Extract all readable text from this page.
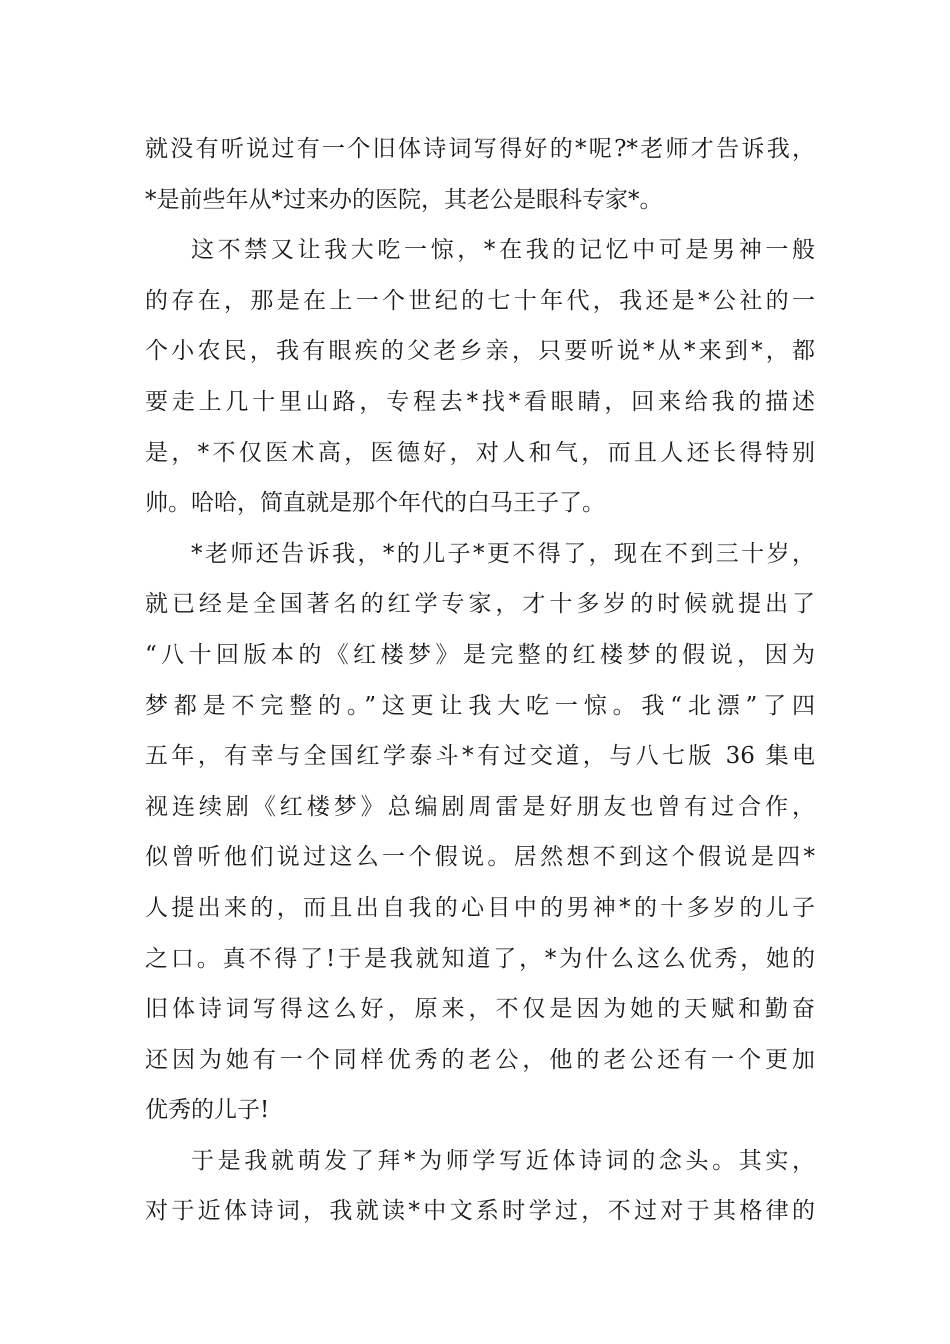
就没有听说过有一个旧体诗词写得好的*呢?*老师才告诉我，
*是前些年从*过来办的医院，其老公是眼科专家*。
这不禁又让我大吃一惊，*在我的记忆中可是男神一般
的存在，那是在上一个世纪的七十年代，我还是*公社的一
个小农民，我有眼疾的父老乡亲，只要听说*从*来到*，都
要走上几十里山路，专程去*找*看眼睛，回来给我的描述
是，*不仅医术高，医德好，对人和气，而且人还长得特别
帅。哈哈，简直就是那个年代的白马王子了。
*老师还告诉我，*的儿子*更不得了，现在不到三十岁，
就已经是全国著名的红学专家，才十多岁的时候就提出了
“八十回版本的《红楼梦》是完整的红楼梦的假说，因为
梦都是不完整的。”这更让我大吃一惊。我“北漂”了四
五年，有幸与全国红学泰斗*有过交道，与八七版 36 集电
视连续剧《红楼梦》总编剧周雷是好朋友也曾有过合作，
似曾听他们说过这么一个假说。居然想不到这个假说是四*
人提出来的，而且出自我的心目中的男神*的十多岁的儿子
之口。真不得了!于是我就知道了，*为什么这么优秀，她的
旧体诗词写得这么好，原来，不仅是因为她的天赋和勤奋
还因为她有一个同样优秀的老公，他的老公还有一个更加
优秀的儿子!
于是我就萌发了拜*为师学写近体诗词的念头。其实，
对于近体诗词，我就读*中文系时学过，不过对于其格律的
